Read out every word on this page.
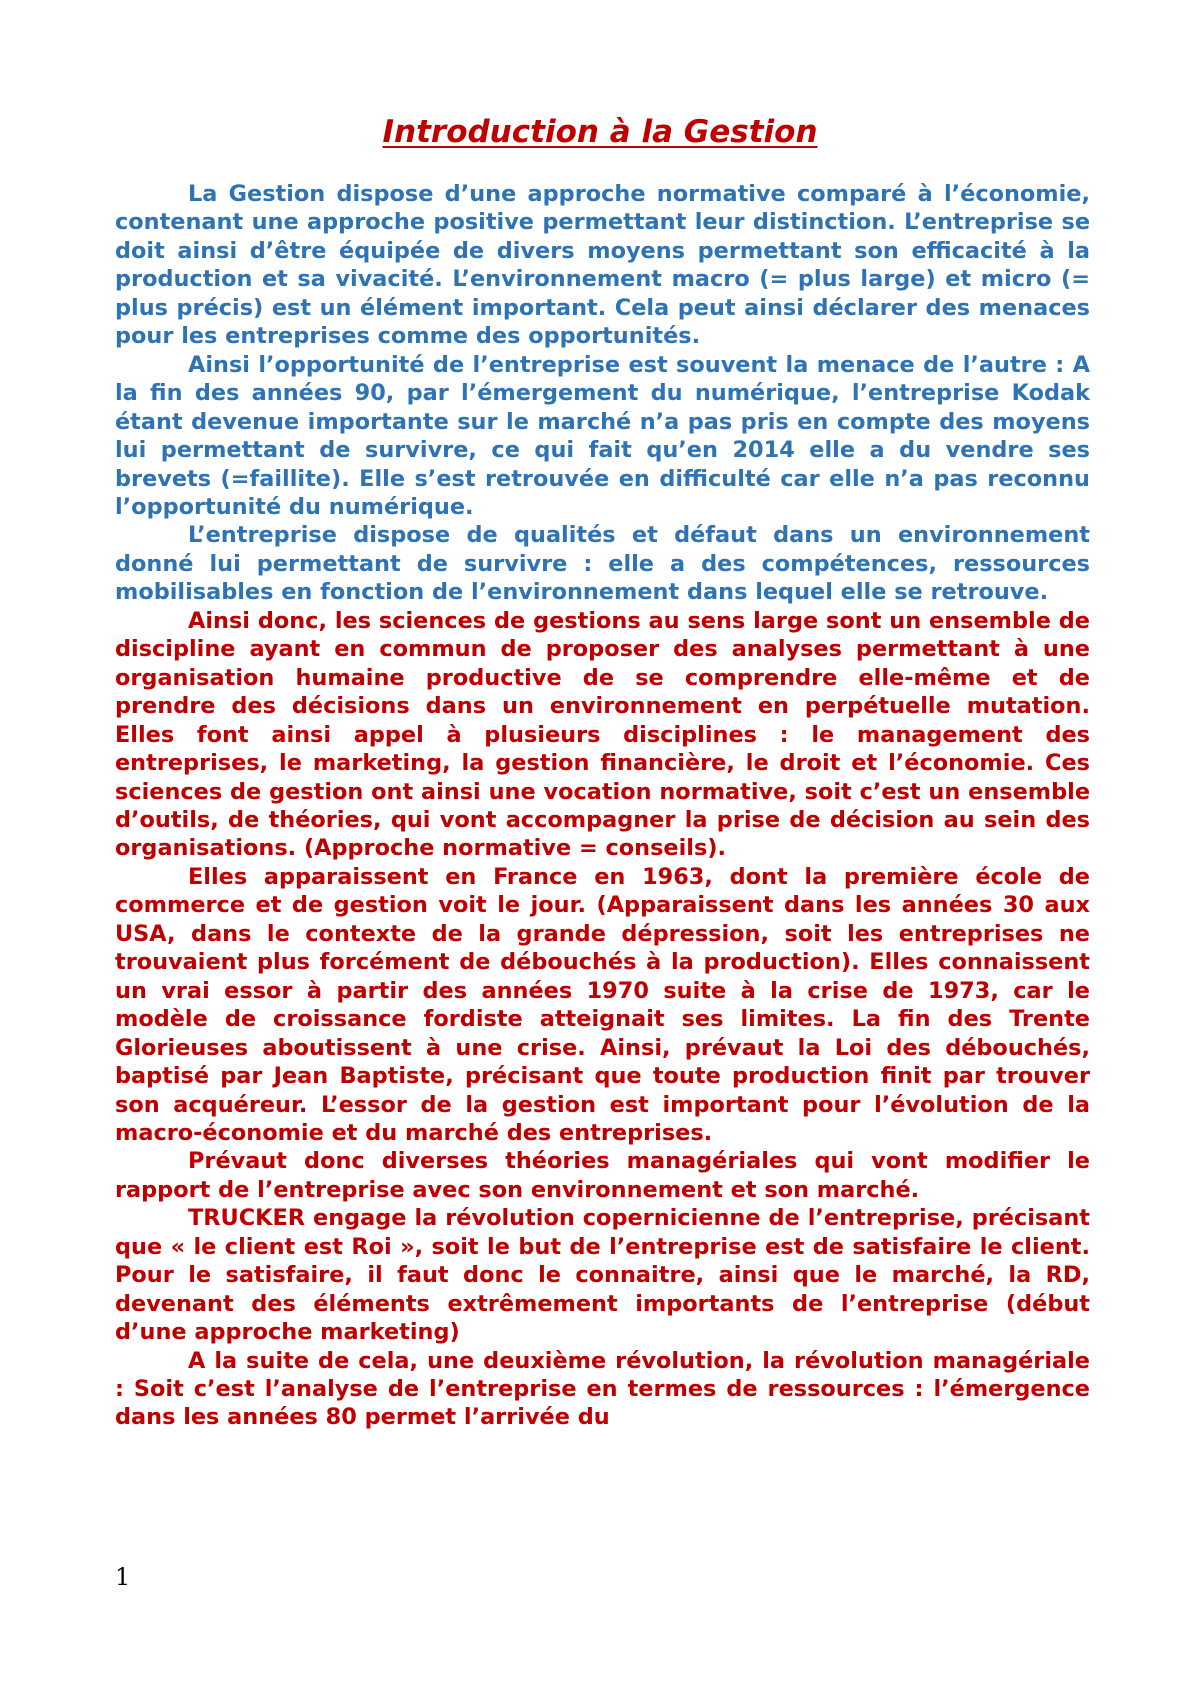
Introduction à la Gestion

La Gestion dispose d’une approche normative comparé à l’économie, contenant une approche positive permettant leur distinction. L’entreprise se doit ainsi d’être équipée de divers moyens permettant son efficacité à la production et sa vivacité. L’environnement macro (= plus large) et micro (= plus précis) est un élément important. Cela peut ainsi déclarer des menaces pour les entreprises comme des opportunités.

Ainsi l’opportunité de l’entreprise est souvent la menace de l’autre : A la fin des années 90, par l’émergement du numérique, l’entreprise Kodak étant devenue importante sur le marché n’a pas pris en compte des moyens lui permettant de survivre, ce qui fait qu’en 2014 elle a du vendre ses brevets (=faillite). Elle s’est retrouvée en difficulté car elle n’a pas reconnu l’opportunité du numérique.

L’entreprise dispose de qualités et défaut dans un environnement donné lui permettant de survivre : elle a des compétences, ressources mobilisables en fonction de l’environnement dans lequel elle se retrouve.

Ainsi donc, les sciences de gestions au sens large sont un ensemble de discipline ayant en commun de proposer des analyses permettant à une organisation humaine productive de se comprendre elle-même et de prendre des décisions dans un environnement en perpétuelle mutation. Elles font ainsi appel à plusieurs disciplines : le management des entreprises, le marketing, la gestion financière, le droit et l’économie. Ces sciences de gestion ont ainsi une vocation normative, soit c’est un ensemble d’outils, de théories, qui vont accompagner la prise de décision au sein des organisations. (Approche normative = conseils).

Elles apparaissent en France en 1963, dont la première école de commerce et de gestion voit le jour. (Apparaissent dans les années 30 aux USA, dans le contexte de la grande dépression, soit les entreprises ne trouvaient plus forcément de débouchés à la production). Elles connaissent un vrai essor à partir des années 1970 suite à la crise de 1973, car le modèle de croissance fordiste atteignait ses limites. La fin des Trente Glorieuses aboutissent à une crise. Ainsi, prévaut la Loi des débouchés, baptisé par Jean Baptiste, précisant que toute production finit par trouver son acquéreur. L’essor de la gestion est important pour l’évolution de la macro-économie et du marché des entreprises.

Prévaut donc diverses théories managériales qui vont modifier le rapport de l’entreprise avec son environnement et son marché.

TRUCKER engage la révolution copernicienne de l’entreprise, précisant que « le client est Roi », soit le but de l’entreprise est de satisfaire le client. Pour le satisfaire, il faut donc le connaitre, ainsi que le marché, la RD, devenant des éléments extrêmement importants de l’entreprise (début d’une approche marketing)

A la suite de cela, une deuxième révolution, la révolution managériale : Soit c’est l’analyse de l’entreprise en termes de ressources : l’émergence dans les années 80 permet l’arrivée du

1
